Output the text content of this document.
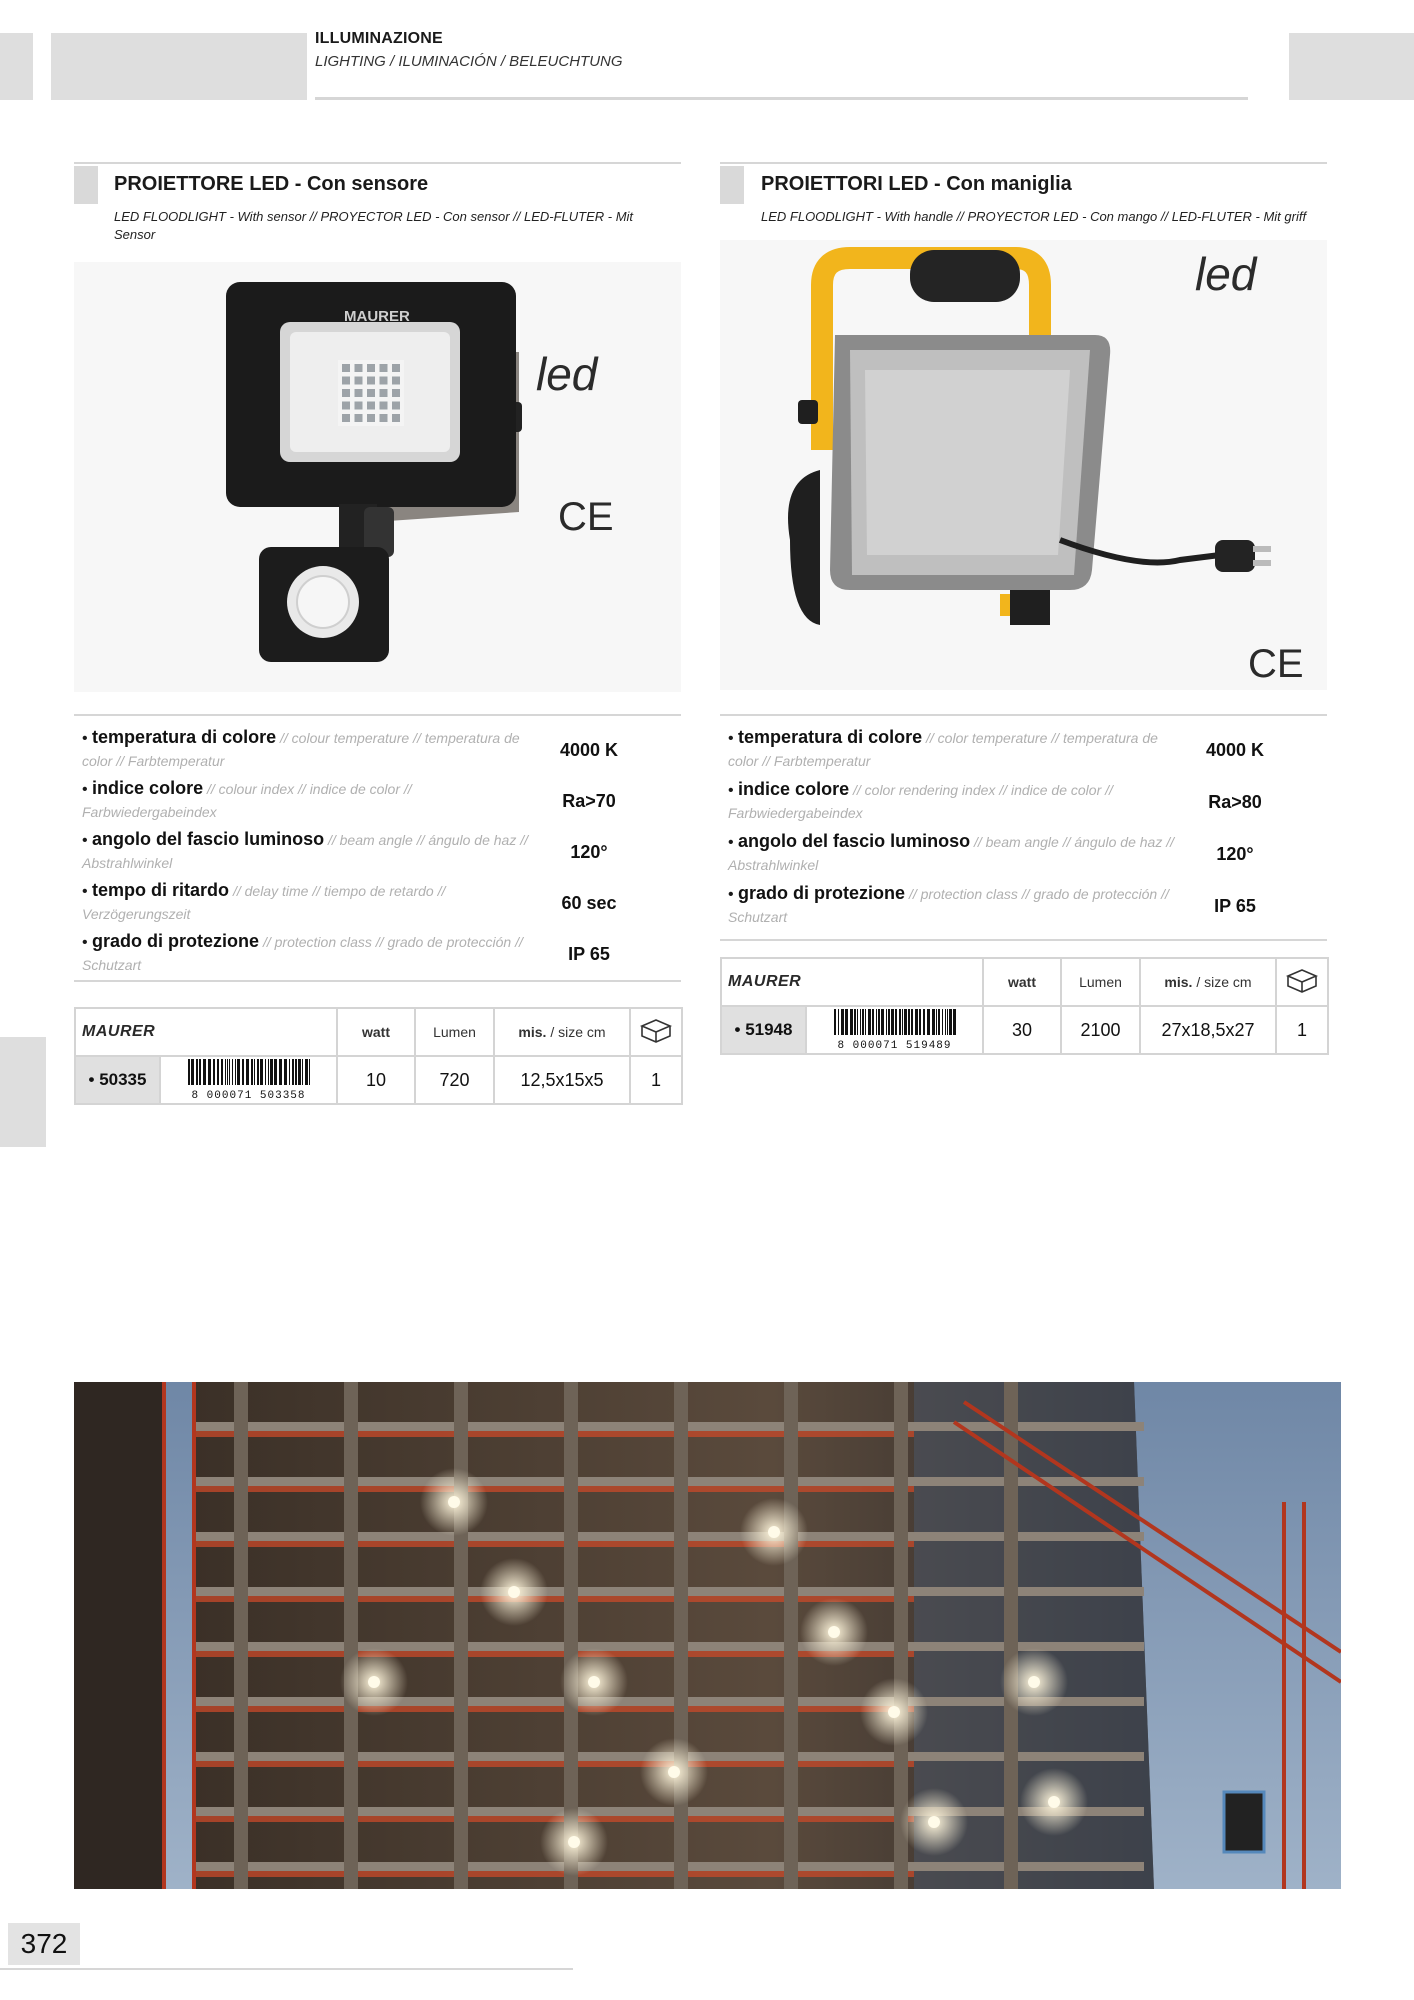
ILLUMINAZIONE
LIGHTING / ILUMINACIÓN / BELEUCHTUNG
PROIETTORE LED - Con sensore
LED FLOODLIGHT - With sensor // PROYECTOR LED - Con sensor // LED-FLUTER - Mit Sensor
MAURER
led
CE
• temperatura di colore // colour temperature // temperatura de color // Farbtemperatur
4000 K
• indice colore // colour index // indice de color // Farbwiedergabeindex
Ra>70
• angolo del fascio luminoso // beam angle // ángulo de haz // Abstrahlwinkel
120°
• tempo di ritardo // delay time // tiempo de retardo // Verzögerungszeit
60 sec
• grado di protezione // protection class // grado de protección // Schutzart
IP 65
MAURER		watt	Lumen	mis. / size cm	
• 50335	8 000071 503358	10	720	12,5x15x5	1
PROIETTORI LED - Con maniglia
LED FLOODLIGHT - With handle // PROYECTOR LED - Con mango // LED-FLUTER - Mit griff
led
CE
• temperatura di colore // color temperature // temperatura de color // Farbtemperatur
4000 K
• indice colore // color rendering index // indice de color // Farbwiedergabeindex
Ra>80
• angolo del fascio luminoso // beam angle // ángulo de haz // Abstrahlwinkel
120°
• grado di protezione // protection class // grado de protección // Schutzart
IP 65
MAURER		watt	Lumen	mis. / size cm	
• 51948	8 000071 519489	30	2100	27x18,5x27	1
372
